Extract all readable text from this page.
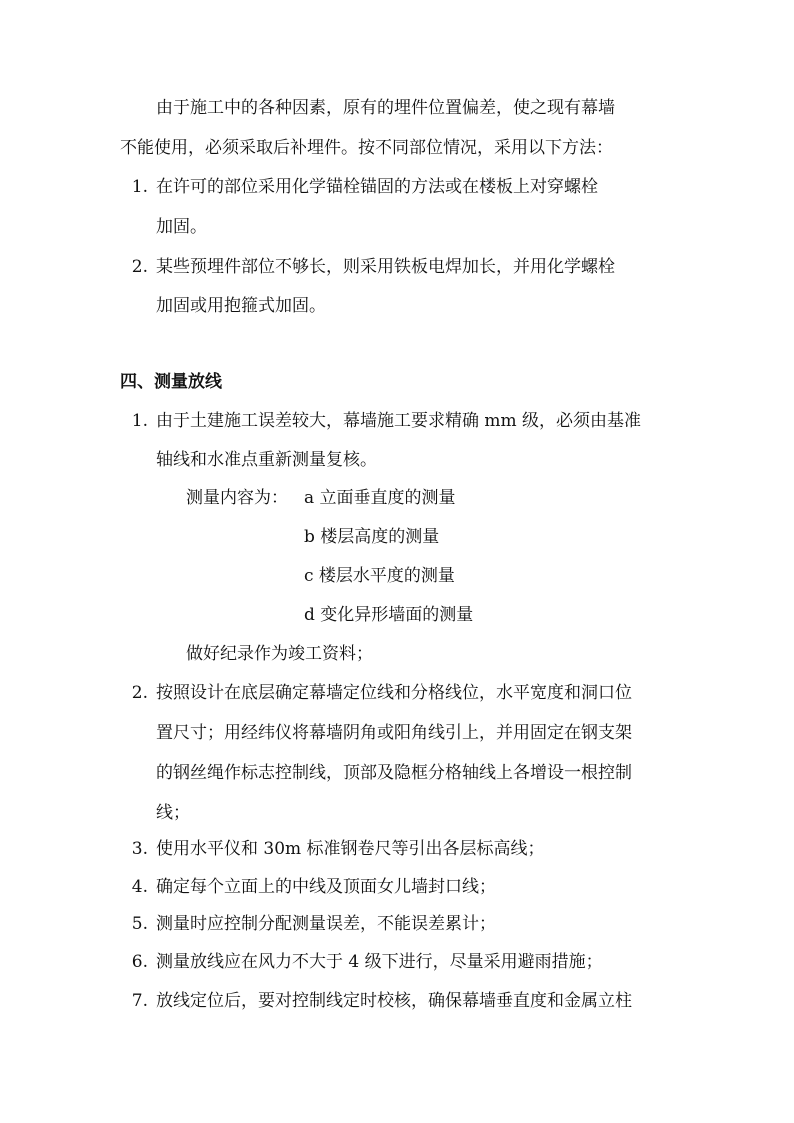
由于施工中的各种因素，原有的埋件位置偏差，使之现有幕墙
不能使用，必须采取后补埋件。按不同部位情况，采用以下方法：
1. 在许可的部位采用化学锚栓锚固的方法或在楼板上对穿螺栓
加固。
2. 某些预埋件部位不够长，则采用铁板电焊加长，并用化学螺栓
加固或用抱箍式加固。
四、测量放线
1. 由于土建施工误差较大，幕墙施工要求精确 mm 级，必须由基准
轴线和水准点重新测量复核。
测量内容为： a 立面垂直度的测量
b 楼层高度的测量
c 楼层水平度的测量
d 变化异形墙面的测量
做好纪录作为竣工资料；
2. 按照设计在底层确定幕墙定位线和分格线位，水平宽度和洞口位
置尺寸；用经纬仪将幕墙阴角或阳角线引上，并用固定在钢支架
的钢丝绳作标志控制线，顶部及隐框分格轴线上各增设一根控制
线；
3. 使用水平仪和 30m 标准钢卷尺等引出各层标高线；
4. 确定每个立面上的中线及顶面女儿墙封口线；
5. 测量时应控制分配测量误差，不能误差累计；
6. 测量放线应在风力不大于 4 级下进行，尽量采用避雨措施；
7. 放线定位后，要对控制线定时校核，确保幕墙垂直度和金属立柱
